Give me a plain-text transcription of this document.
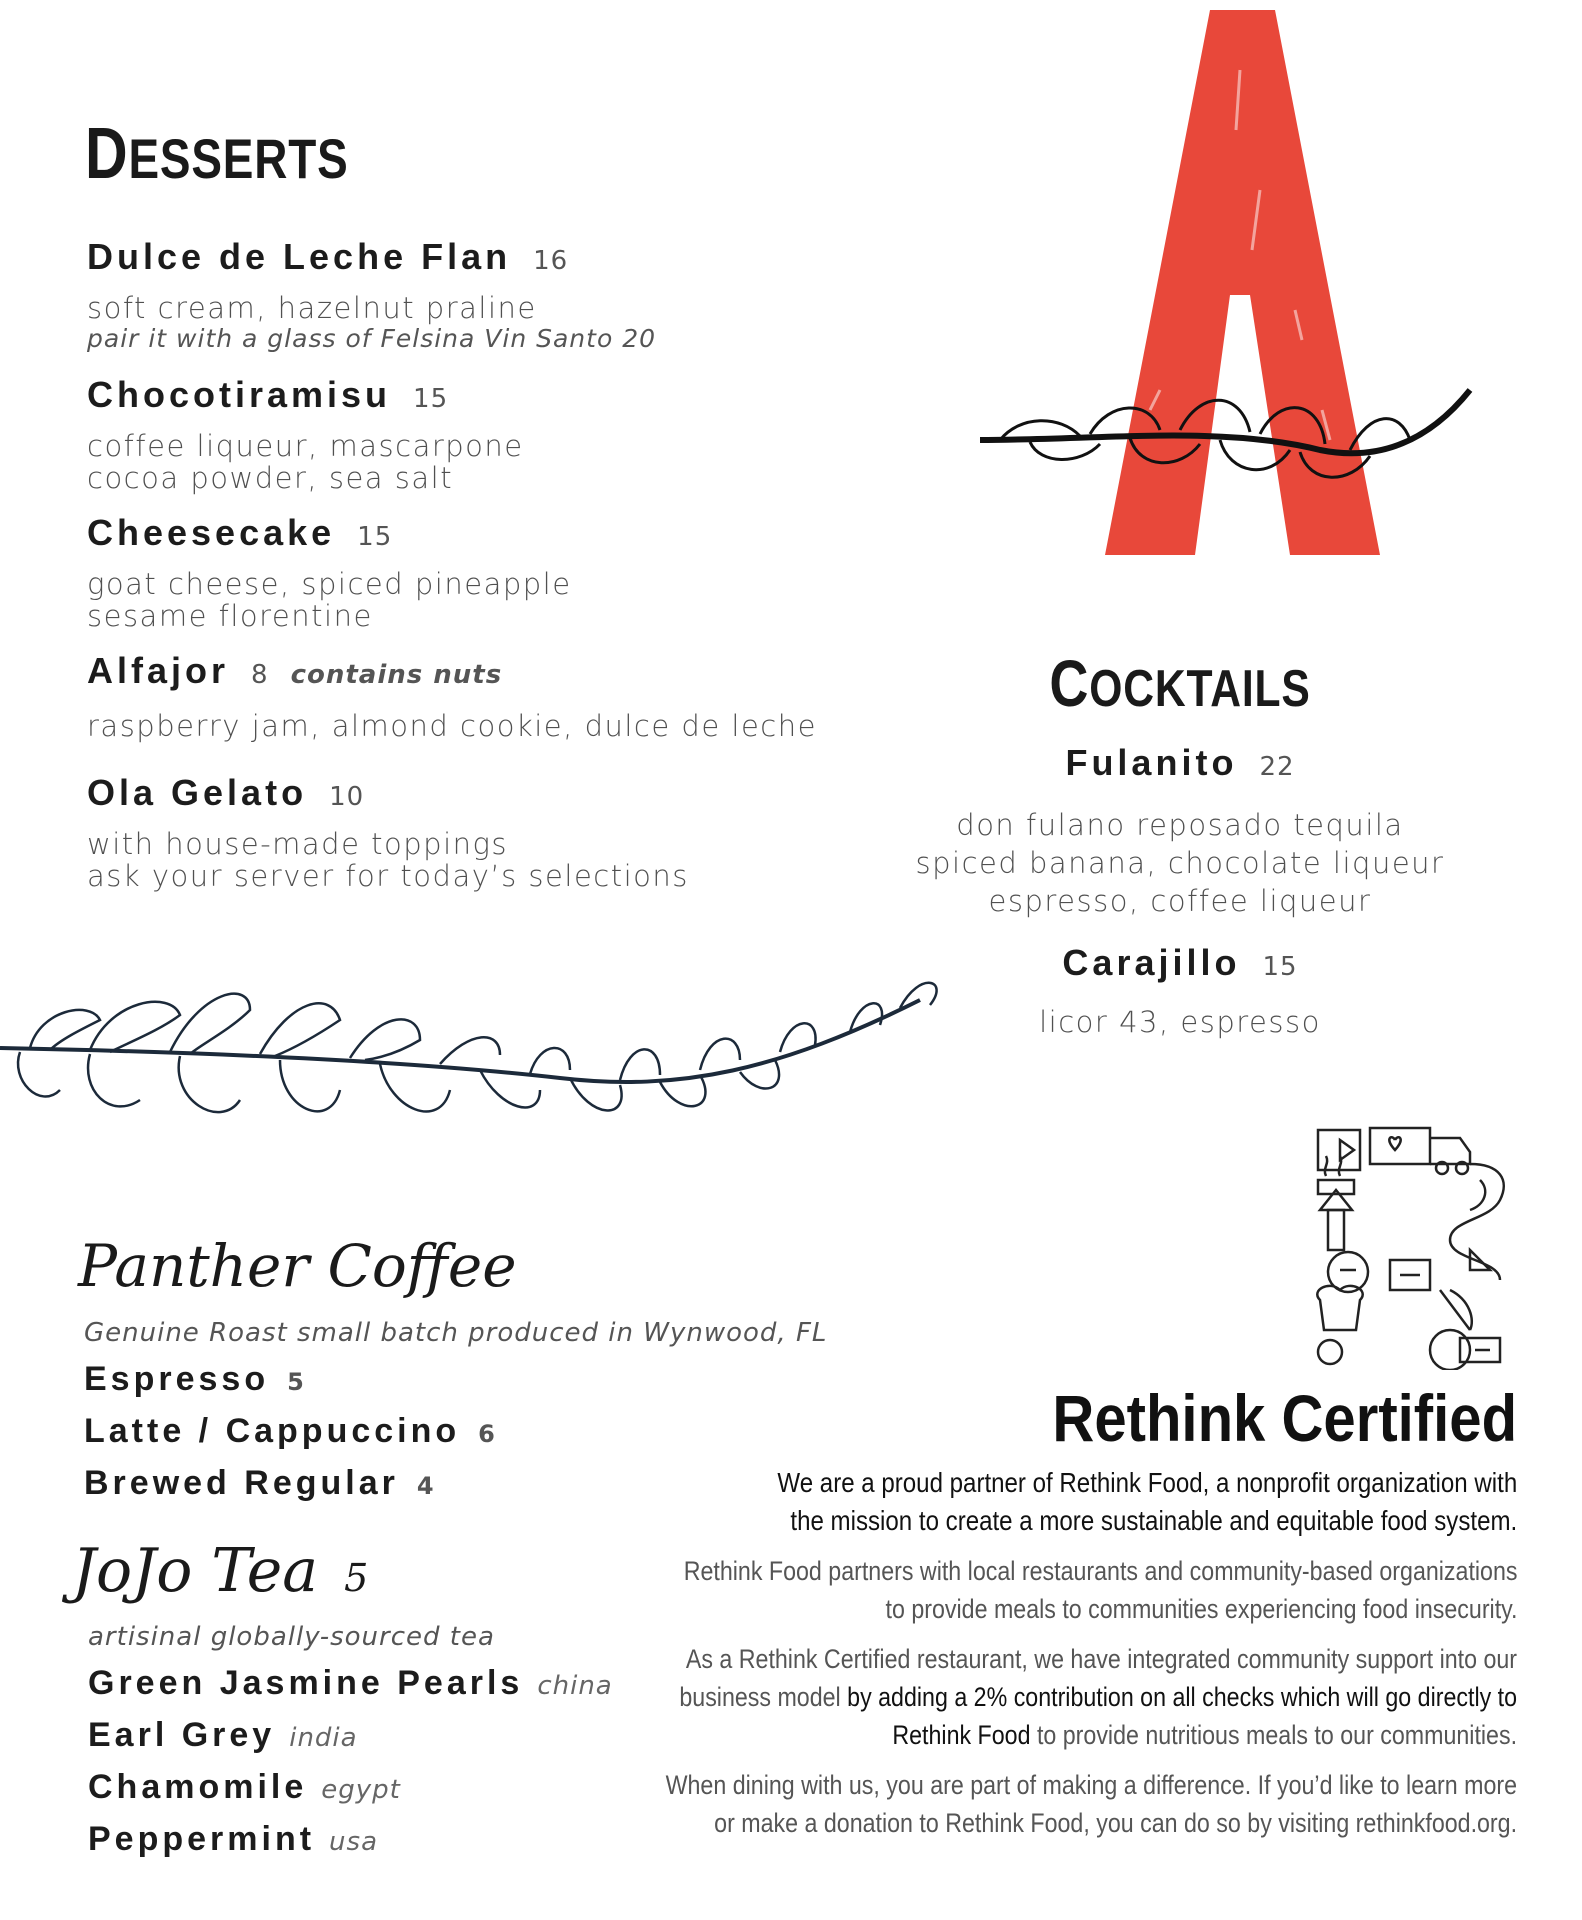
DESSERTS
Dulce de Leche Flan 16
soft cream, hazelnut praline
pair it with a glass of Felsina Vin Santo 20
Chocotiramisu 15
coffee liqueur, mascarpone
cocoa powder, sea salt
Cheesecake 15
goat cheese, spiced pineapple
sesame florentine
Alfajor 8 contains nuts
raspberry jam, almond cookie, dulce de leche
Ola Gelato 10
with house-made toppings
ask your server for today’s selections
COCKTAILS
Fulanito 22
don fulano reposado tequila
spiced banana, chocolate liqueur
espresso, coffee liqueur
Carajillo 15
licor 43, espresso
Panther Coffee
Genuine Roast small batch produced in Wynwood, FL
Espresso 5
Latte / Cappuccino 6
Brewed Regular 4
JoJo Tea 5
artisinal globally-sourced tea
Green Jasmine Pearls china
Earl Grey india
Chamomile egypt
Peppermint usa
Rethink Certified
We are a proud partner of Rethink Food, a nonprofit organization with
the mission to create a more sustainable and equitable food system.
Rethink Food partners with local restaurants and community-based organizations
to provide meals to communities experiencing food insecurity.
As a Rethink Certified restaurant, we have integrated community support into our
business model by adding a 2% contribution on all checks which will go directly to
Rethink Food to provide nutritious meals to our communities.
When dining with us, you are part of making a difference. If you’d like to learn more
or make a donation to Rethink Food, you can do so by visiting rethinkfood.org.
